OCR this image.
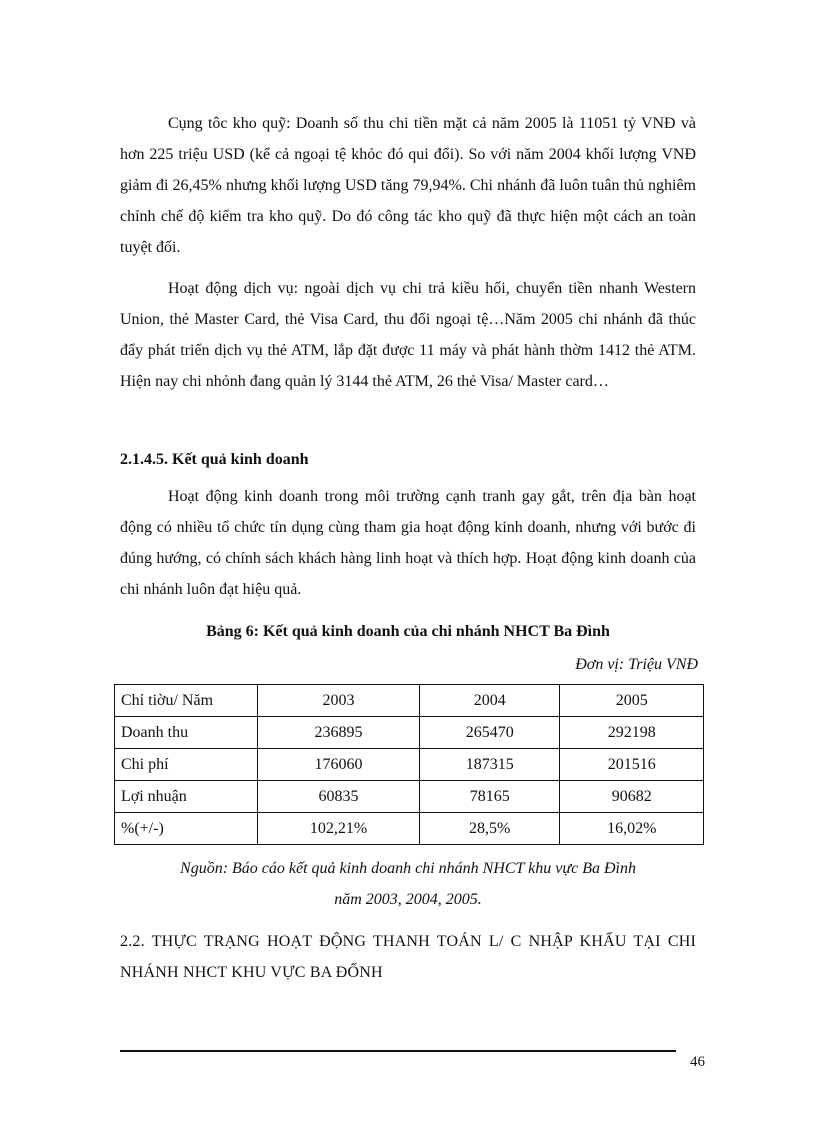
Cụng tôc kho quỹ: Doanh số thu chi tiền mặt cả năm 2005 là 11051 tỷ VNĐ và hơn 225 triệu USD (kể cả ngoại tệ khỏc đó qui đổi). So với năm 2004 khối lượng VNĐ giảm đi 26,45% nhưng khối lượng USD tăng 79,94%. Chi nhánh đã luôn tuân thủ nghiêm chỉnh chế độ kiểm tra kho quỹ. Do đó công tác kho quỹ đã thực hiện một cách an toàn tuyệt đối.

Hoạt động dịch vụ: ngoài dịch vụ chi trả kiều hối, chuyển tiền nhanh Western Union, thẻ Master Card, thẻ Visa Card, thu đổi ngoại tệ…Năm 2005 chi nhánh đã thúc đẩy phát triển dịch vụ thẻ ATM, lắp đặt được 11 máy và phát hành thờm 1412 thẻ ATM. Hiện nay chi nhỏnh đang quản lý 3144 thẻ ATM, 26 thẻ Visa/ Master card…

2.1.4.5. Kết quả kinh doanh

Hoạt động kinh doanh trong môi trường cạnh tranh gay gắt, trên địa bàn hoạt động có nhiều tổ chức tín dụng cùng tham gia hoạt động kinh doanh, nhưng với bước đi đúng hướng, có chính sách khách hàng linh hoạt và thích hợp. Hoạt động kinh doanh của chi nhánh luôn đạt hiệu quả.

Bảng 6: Kết quả kinh doanh của chi nhánh NHCT Ba Đình

Đơn vị: Triệu VNĐ

Chỉ tiờu/ Năm	2003	2004	2005
Doanh thu	236895	265470	292198
Chi phí	176060	187315	201516
Lợi nhuận	60835	78165	90682
%(+/-)	102,21%	28,5%	16,02%

Nguồn: Báo cáo kết quả kinh doanh chi nhánh NHCT khu vực Ba Đình

năm 2003, 2004, 2005.

2.2. THỰC TRẠNG HOẠT ĐỘNG THANH TOÁN L/ C NHẬP KHẨU TẠI CHI NHÁNH NHCT KHU VỰC BA ĐỐNH

46
